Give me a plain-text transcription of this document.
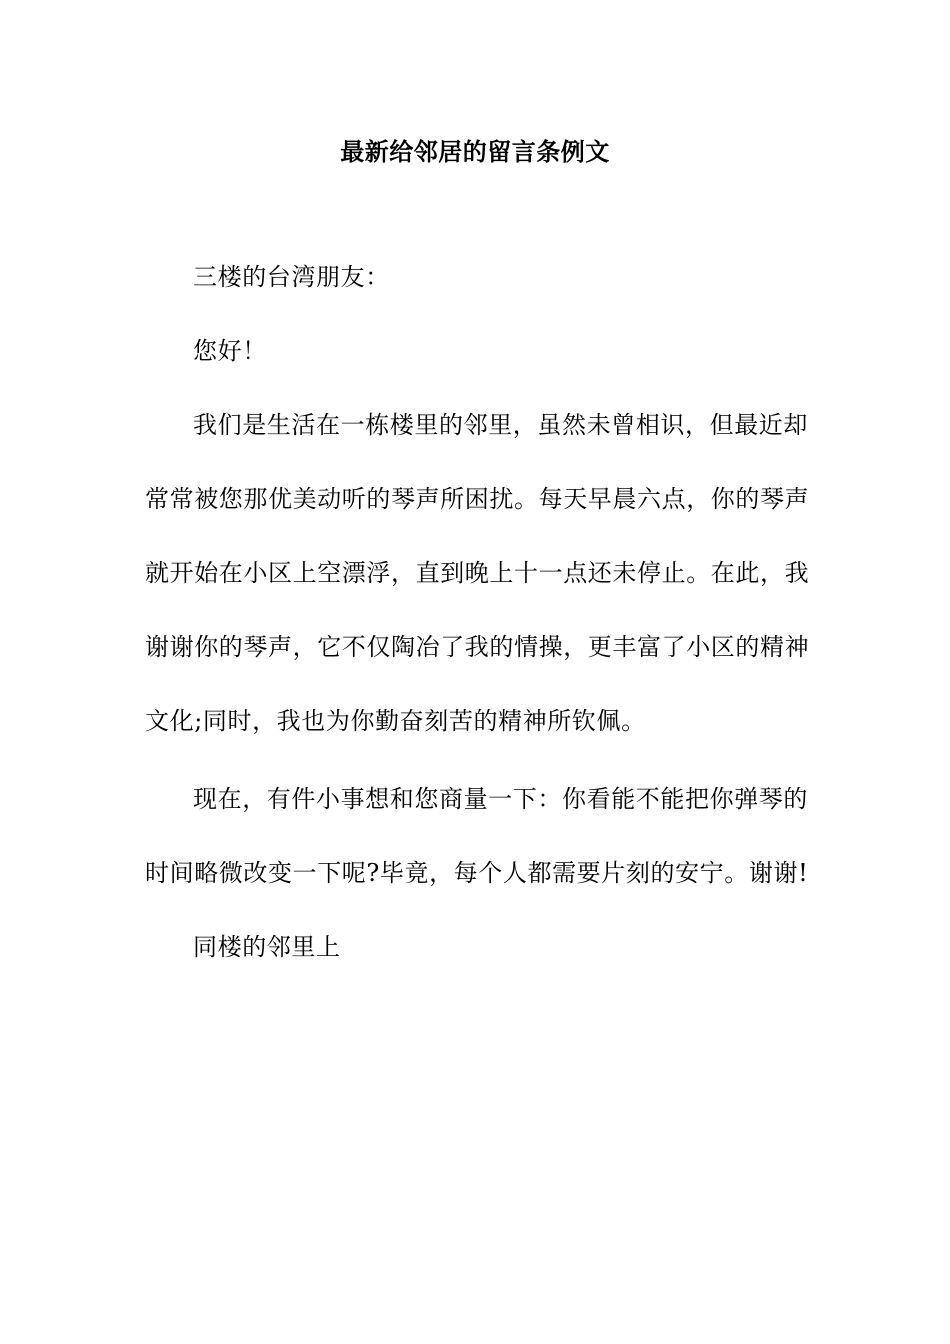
最新给邻居的留言条例文
三楼的台湾朋友：
您好！
我们是生活在一栋楼里的邻里，虽然未曾相识，但最近却
常常被您那优美动听的琴声所困扰。每天早晨六点，你的琴声
就开始在小区上空漂浮，直到晚上十一点还未停止。在此，我
谢谢你的琴声，它不仅陶冶了我的情操，更丰富了小区的精神
文化;同时，我也为你勤奋刻苦的精神所钦佩。
现在，有件小事想和您商量一下：你看能不能把你弹琴的
时间略微改变一下呢?毕竟，每个人都需要片刻的安宁。谢谢!
同楼的邻里上
